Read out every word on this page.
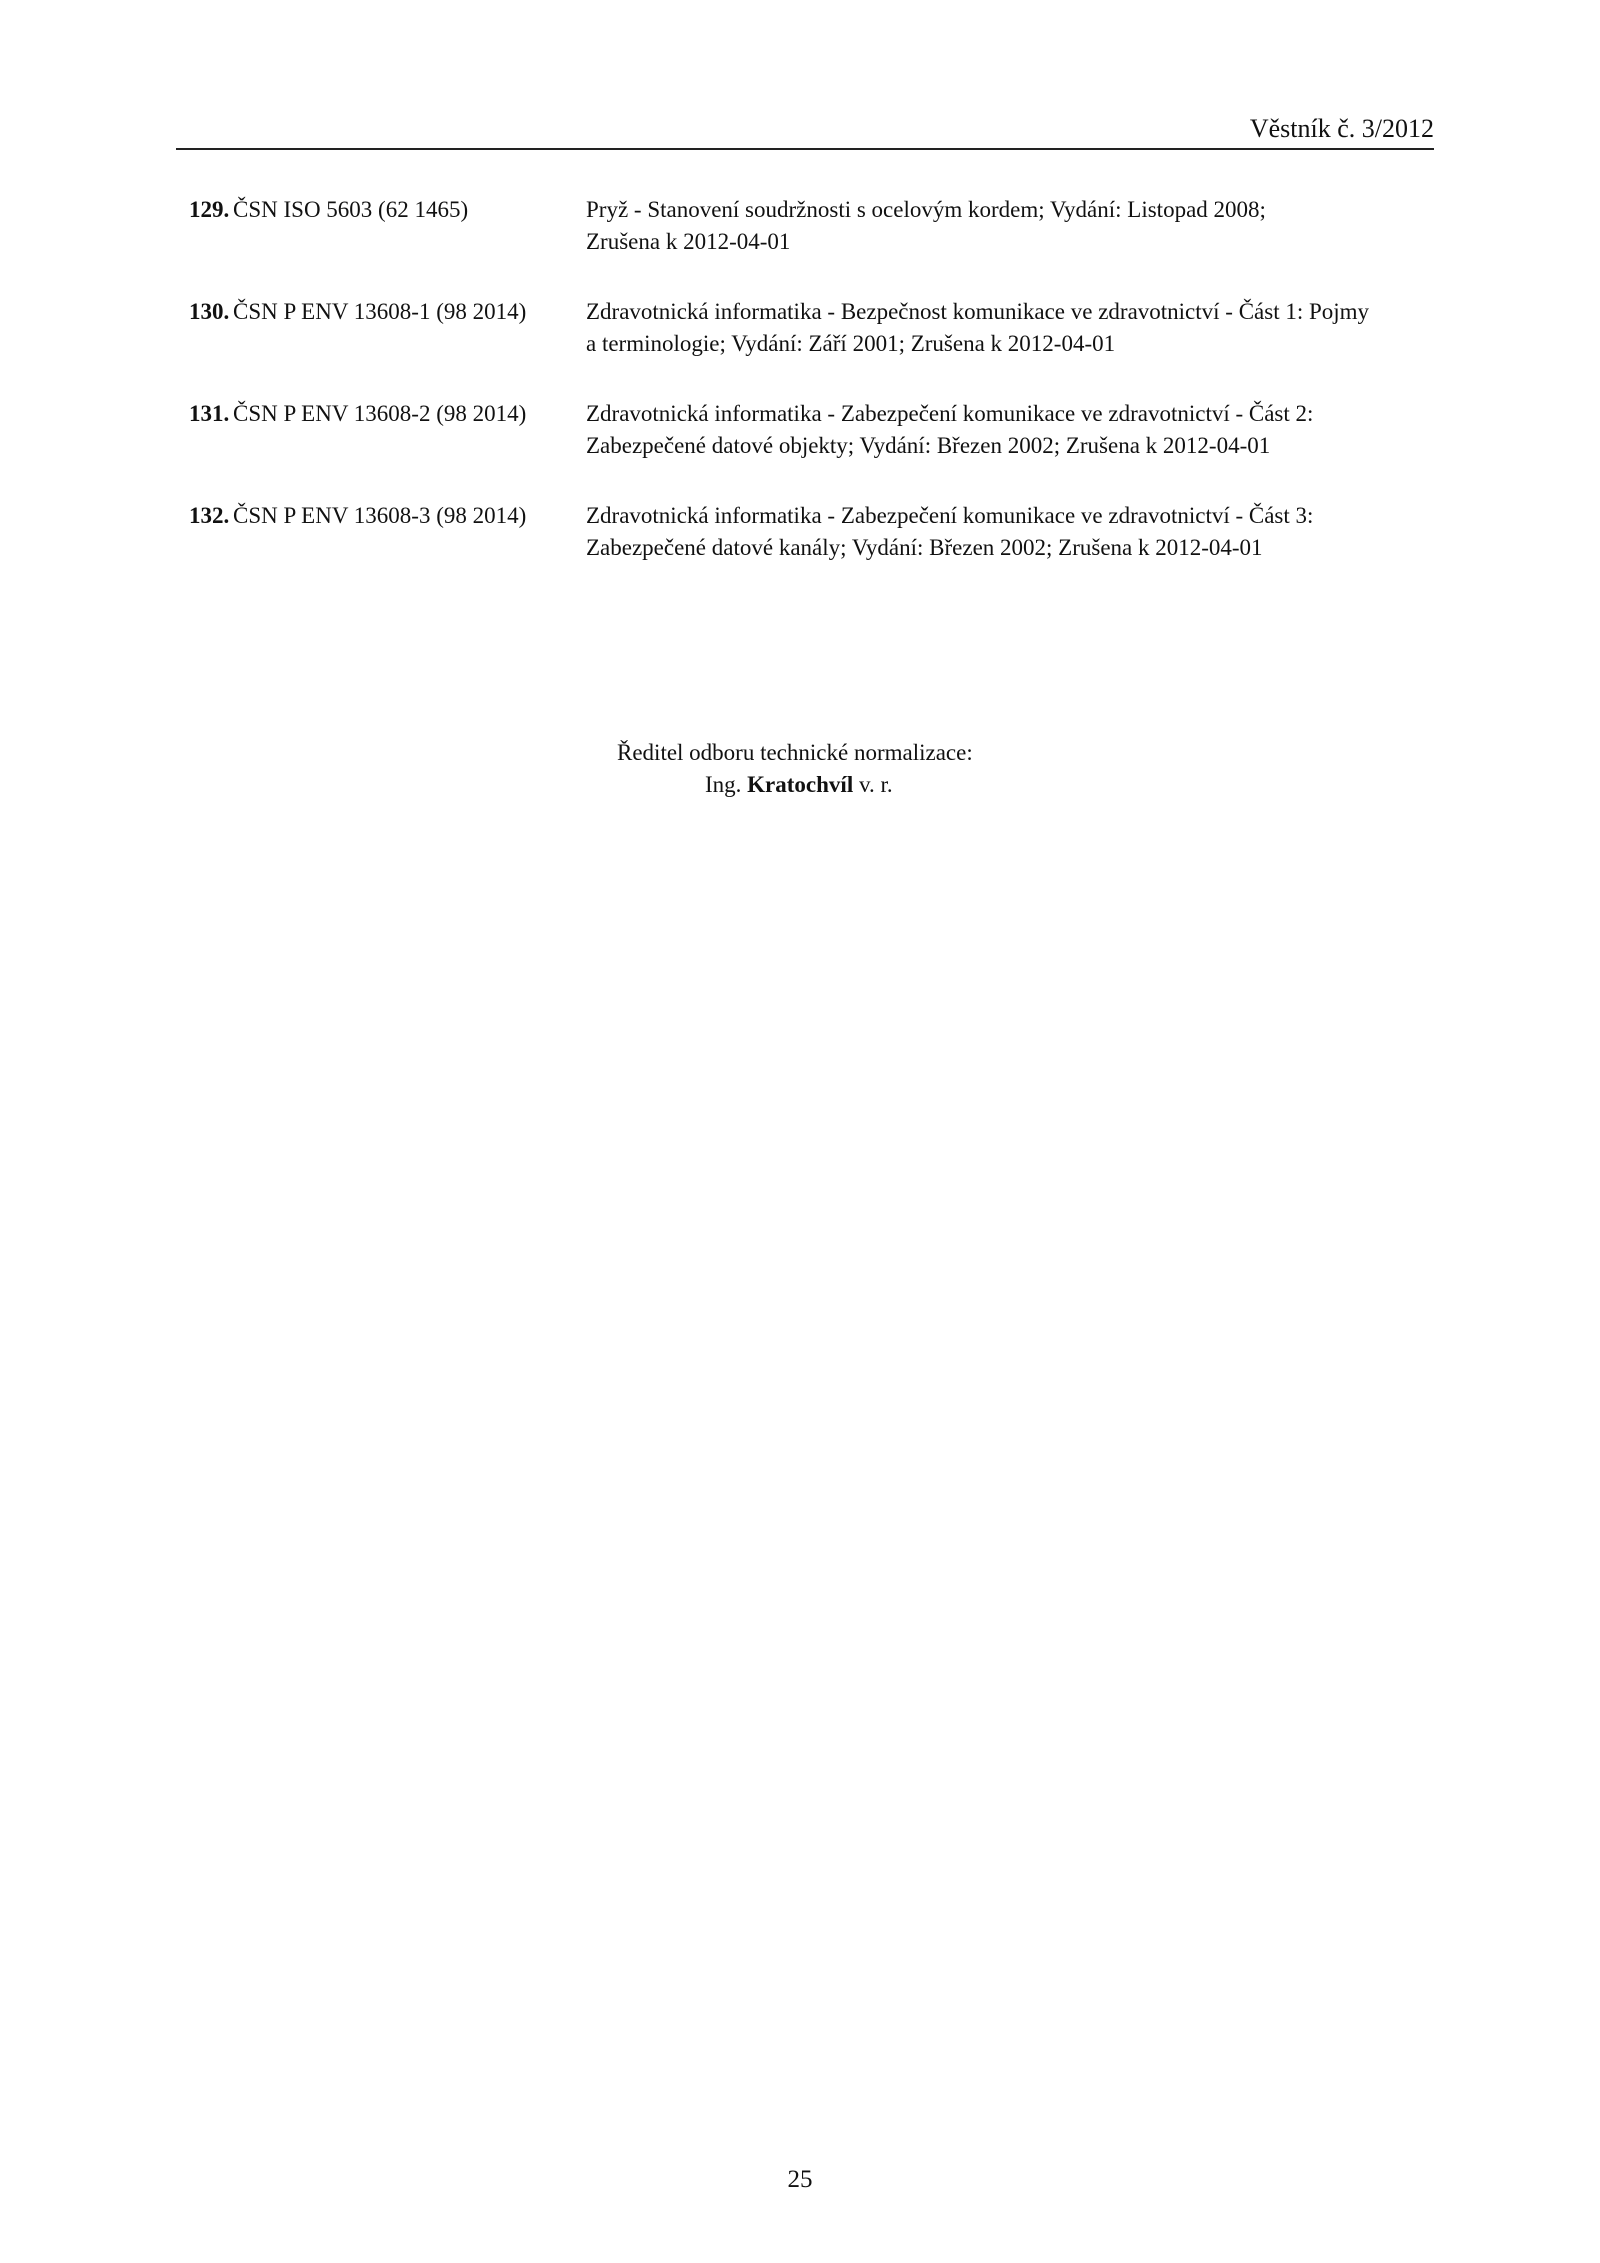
Věstník č. 3/2012
129. ČSN ISO 5603 (62 1465)	Pryž - Stanovení soudržnosti s ocelovým kordem; Vydání: Listopad 2008;
Zrušena k 2012-04-01
130. ČSN P ENV 13608-1 (98 2014)	Zdravotnická informatika - Bezpečnost komunikace ve zdravotnictví - Část 1: Pojmy
a terminologie; Vydání: Září 2001; Zrušena k 2012-04-01
131. ČSN P ENV 13608-2 (98 2014)	Zdravotnická informatika - Zabezpečení komunikace ve zdravotnictví - Část 2:
Zabezpečené datové objekty; Vydání: Březen 2002; Zrušena k 2012-04-01
132. ČSN P ENV 13608-3 (98 2014)	Zdravotnická informatika - Zabezpečení komunikace ve zdravotnictví - Část 3:
Zabezpečené datové kanály; Vydání: Březen 2002; Zrušena k 2012-04-01
Ředitel odboru technické normalizace:
Ing. Kratochvíl v. r.
25
